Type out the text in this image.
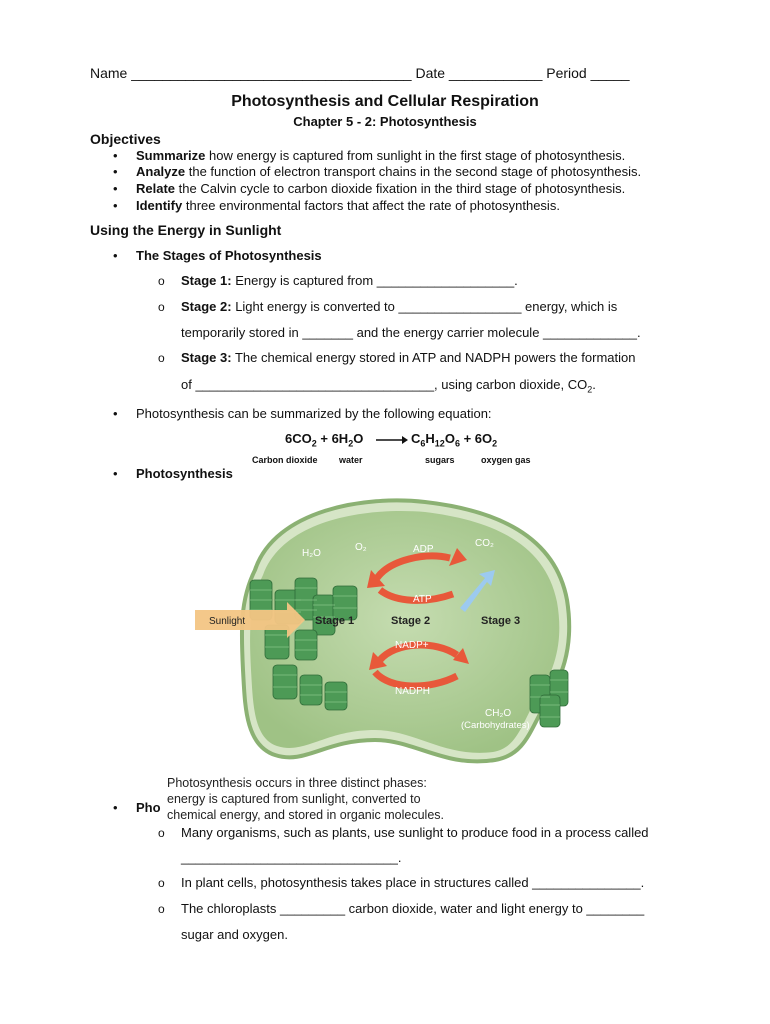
Name ____________________________________ Date ____________ Period _____
Photosynthesis and Cellular Respiration
Chapter 5 - 2: Photosynthesis
Objectives
• Summarize how energy is captured from sunlight in the first stage of photosynthesis.
• Analyze the function of electron transport chains in the second stage of photosynthesis.
• Relate the Calvin cycle to carbon dioxide fixation in the third stage of photosynthesis.
• Identify three environmental factors that affect the rate of photosynthesis.
Using the Energy in Sunlight
• The Stages of Photosynthesis
o Stage 1: Energy is captured from ___________________.
o Stage 2: Light energy is converted to _________________ energy, which is
temporarily stored in _______ and the energy carrier molecule _____________.
o Stage 3: The chemical energy stored in ATP and NADPH powers the formation
of _________________________________, using carbon dioxide, $CO_2$.
• Photosynthesis can be summarized by the following equation:
$6CO_2 + 6H_2O$	$C_6H_{12}O_6 + 6O_2$
Carbon dioxide water	sugars	oxygen gas
• Photosynthesis
H₂O
O₂	ADP
CO₂
ATP
Sunlight	Stage 1	Stage 2	Stage 3
NADP+
NADPH
CH₂O
(Carbohydrates)
Photosynthesis occurs in three distinct phases:
energy is captured from sunlight, converted to
chemical energy, and stored in organic molecules.
• Pho
o Many organisms, such as plants, use sunlight to produce food in a process called
______________________________.
o In plant cells, photosynthesis takes place in structures called _______________.
o The chloroplasts _________ carbon dioxide, water and light energy to ________
sugar and oxygen.
